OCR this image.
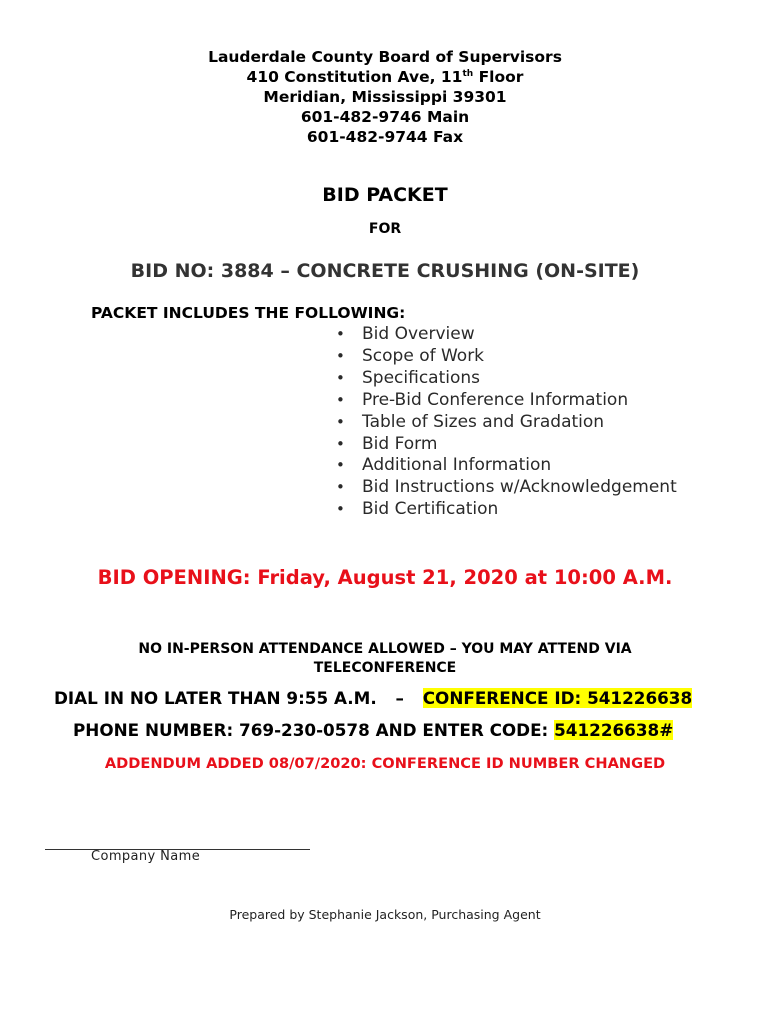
Lauderdale County Board of Supervisors
410 Constitution Ave, 11th Floor
Meridian, Mississippi 39301
601-482-9746 Main
601-482-9744 Fax
BID PACKET
FOR
BID NO: 3884 – CONCRETE CRUSHING (ON-SITE)
PACKET INCLUDES THE FOLLOWING:
• Bid Overview
• Scope of Work
• Specifications
• Pre-Bid Conference Information
• Table of Sizes and Gradation
• Bid Form
• Additional Information
• Bid Instructions w/Acknowledgement
• Bid Certification
BID OPENING: Friday, August 21, 2020 at 10:00 A.M.
NO IN-PERSON ATTENDANCE ALLOWED – YOU MAY ATTEND VIA TELECONFERENCE
DIAL IN NO LATER THAN 9:55 A.M. – CONFERENCE ID: 541226638
PHONE NUMBER: 769-230-0578 AND ENTER CODE: 541226638#
ADDENDUM ADDED 08/07/2020: CONFERENCE ID NUMBER CHANGED
Company Name
Prepared by Stephanie Jackson, Purchasing Agent
